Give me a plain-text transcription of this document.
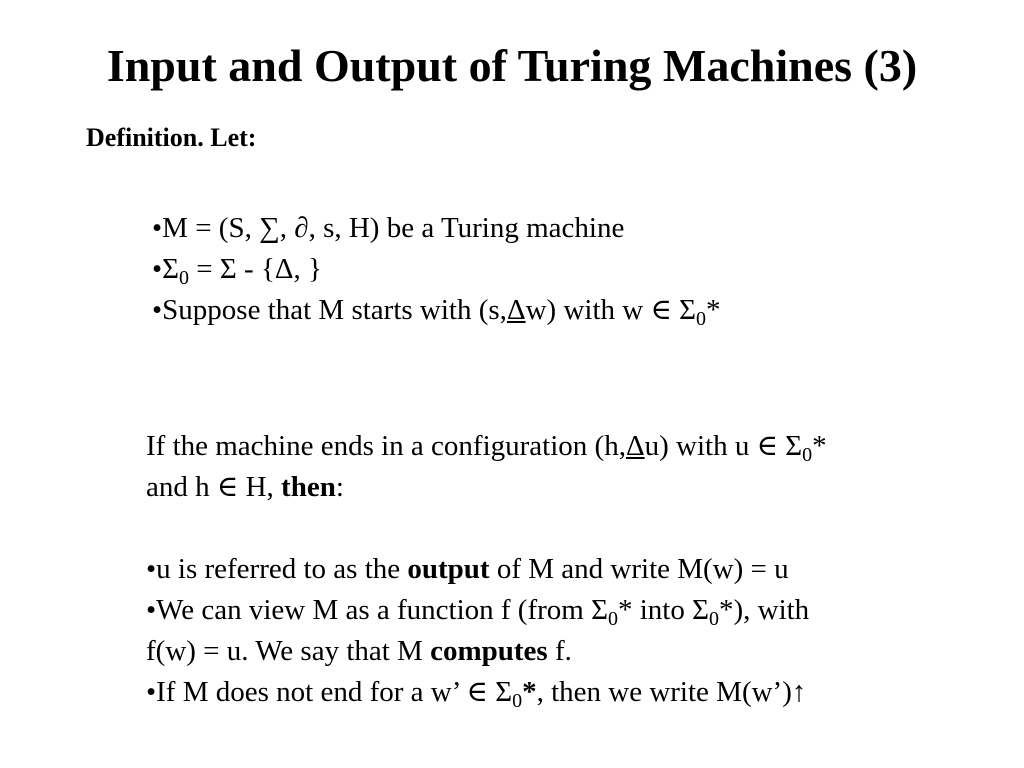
Input and Output of Turing Machines (3)
Definition. Let:
•M = (S, ∑, ∂, s, H) be a Turing machine
$•\Sigma_0 = \Sigma - \{\Delta$, }
•Suppose that M starts with (s,Δw) with w ∈ $\Sigma_0*$
If the machine ends in a configuration (h,Δu) with u ∈ $\Sigma_0*$
and h ∈ H, then:
•u is referred to as the output of M and write M(w) = u
•We can view M as a function f (from $\Sigma_0*$ into $\Sigma_0*$), with
f(w) = u. We say that M computes f.
•If M does not end for a w’ ∈ $\Sigma_0*$, then we write M(w’)↑
